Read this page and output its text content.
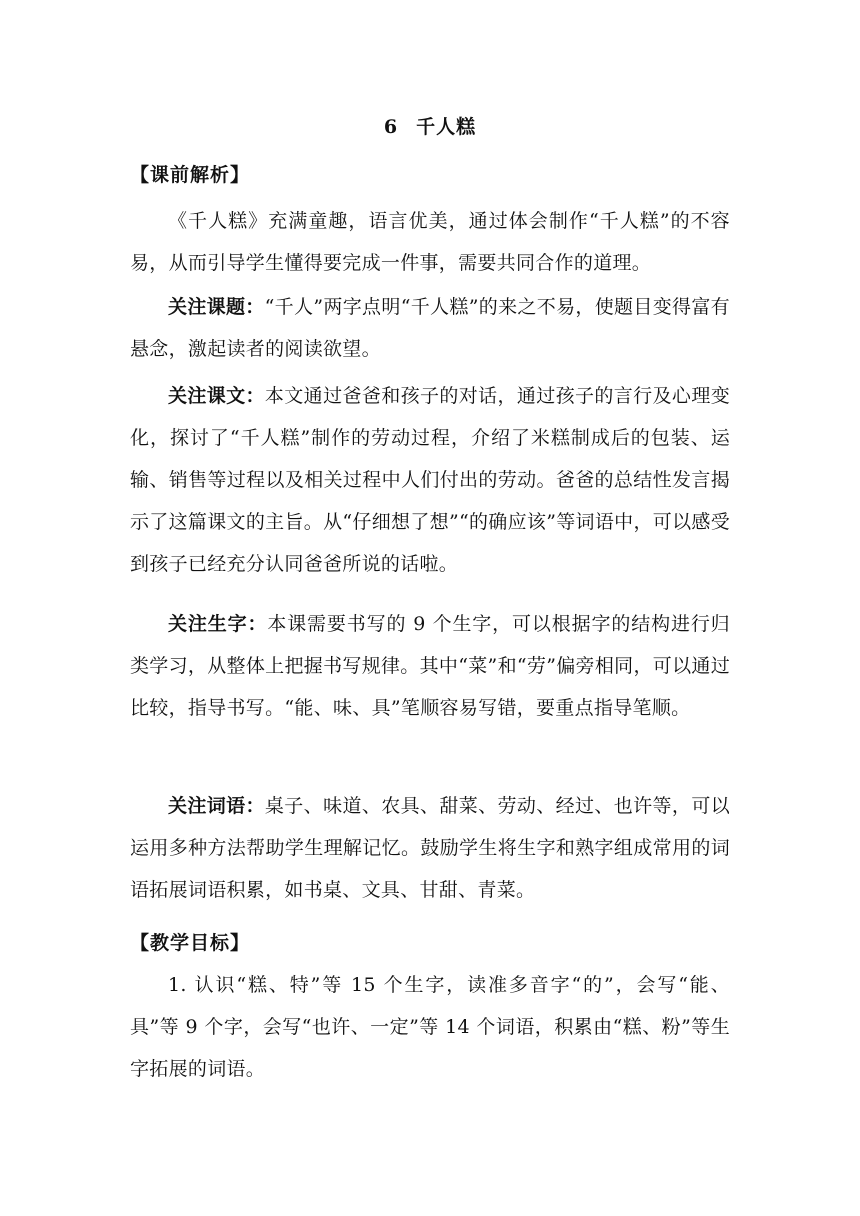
6 千人糕
【课前解析】
《千人糕》充满童趣，语言优美，通过体会制作“千人糕”的不容易，从而引导学生懂得要完成一件事，需要共同合作的道理。
关注课题：“千人”两字点明“千人糕”的来之不易，使题目变得富有悬念，激起读者的阅读欲望。
关注课文：本文通过爸爸和孩子的对话，通过孩子的言行及心理变化，探讨了“千人糕”制作的劳动过程，介绍了米糕制成后的包装、运输、销售等过程以及相关过程中人们付出的劳动。爸爸的总结性发言揭示了这篇课文的主旨。从“仔细想了想”“的确应该”等词语中，可以感受到孩子已经充分认同爸爸所说的话啦。
关注生字：本课需要书写的 9 个生字，可以根据字的结构进行归类学习，从整体上把握书写规律。其中“菜”和“劳”偏旁相同，可以通过比较，指导书写。“能、味、具”笔顺容易写错，要重点指导笔顺。
关注词语：桌子、味道、农具、甜菜、劳动、经过、也许等，可以运用多种方法帮助学生理解记忆。鼓励学生将生字和熟字组成常用的词语拓展词语积累，如书桌、文具、甘甜、青菜。
【教学目标】
1. 认识“糕、特”等 15 个生字，读准多音字“的”，会写“能、具”等 9 个字，会写“也许、一定”等 14 个词语，积累由“糕、粉”等生字拓展的词语。
